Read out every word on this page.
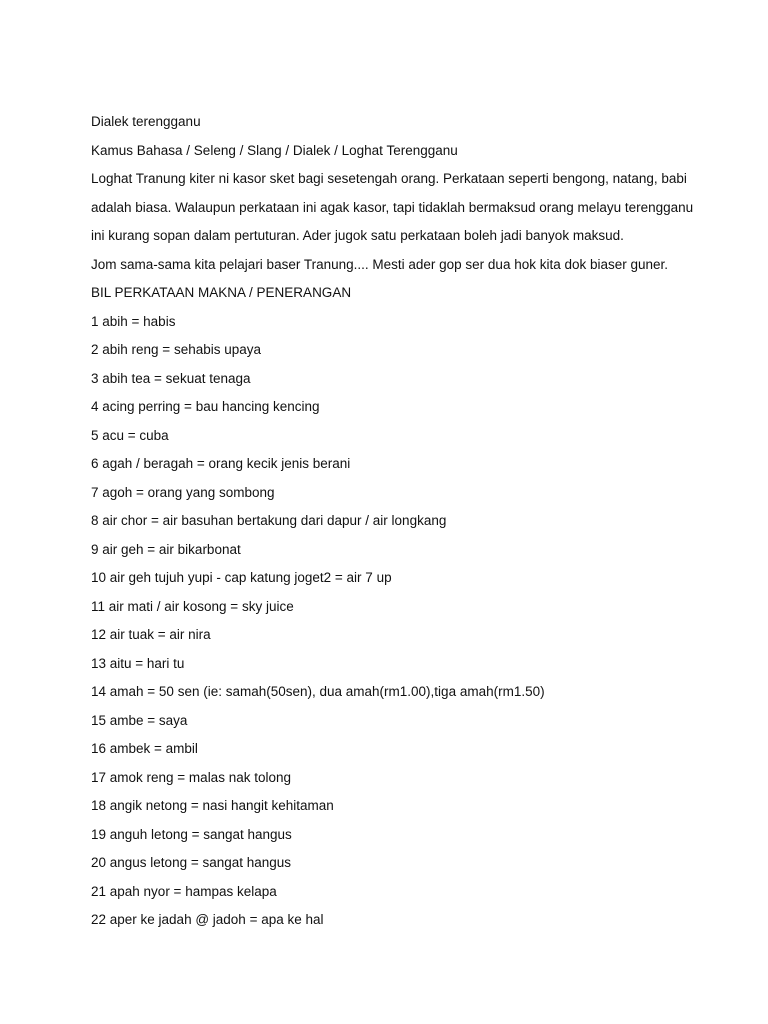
Dialek terengganu
Kamus Bahasa / Seleng / Slang / Dialek / Loghat Terengganu
Loghat Tranung kiter ni kasor sket bagi sesetengah orang. Perkataan seperti bengong, natang, babi
adalah biasa. Walaupun perkataan ini agak kasor, tapi tidaklah bermaksud orang melayu terengganu
ini kurang sopan dalam pertuturan. Ader jugok satu perkataan boleh jadi banyok maksud.
Jom sama-sama kita pelajari baser Tranung.... Mesti ader gop ser dua hok kita dok biaser guner.
BIL PERKATAAN MAKNA / PENERANGAN
1 abih = habis
2 abih reng = sehabis upaya
3 abih tea = sekuat tenaga
4 acing perring = bau hancing kencing
5 acu = cuba
6 agah / beragah = orang kecik jenis berani
7 agoh = orang yang sombong
8 air chor = air basuhan bertakung dari dapur / air longkang
9 air geh = air bikarbonat
10 air geh tujuh yupi - cap katung joget2 = air 7 up
11 air mati / air kosong = sky juice
12 air tuak = air nira
13 aitu = hari tu
14 amah = 50 sen (ie: samah(50sen), dua amah(rm1.00),tiga amah(rm1.50)
15 ambe = saya
16 ambek = ambil
17 amok reng = malas nak tolong
18 angik netong = nasi hangit kehitaman
19 anguh letong = sangat hangus
20 angus letong = sangat hangus
21 apah nyor = hampas kelapa
22 aper ke jadah @ jadoh = apa ke hal
